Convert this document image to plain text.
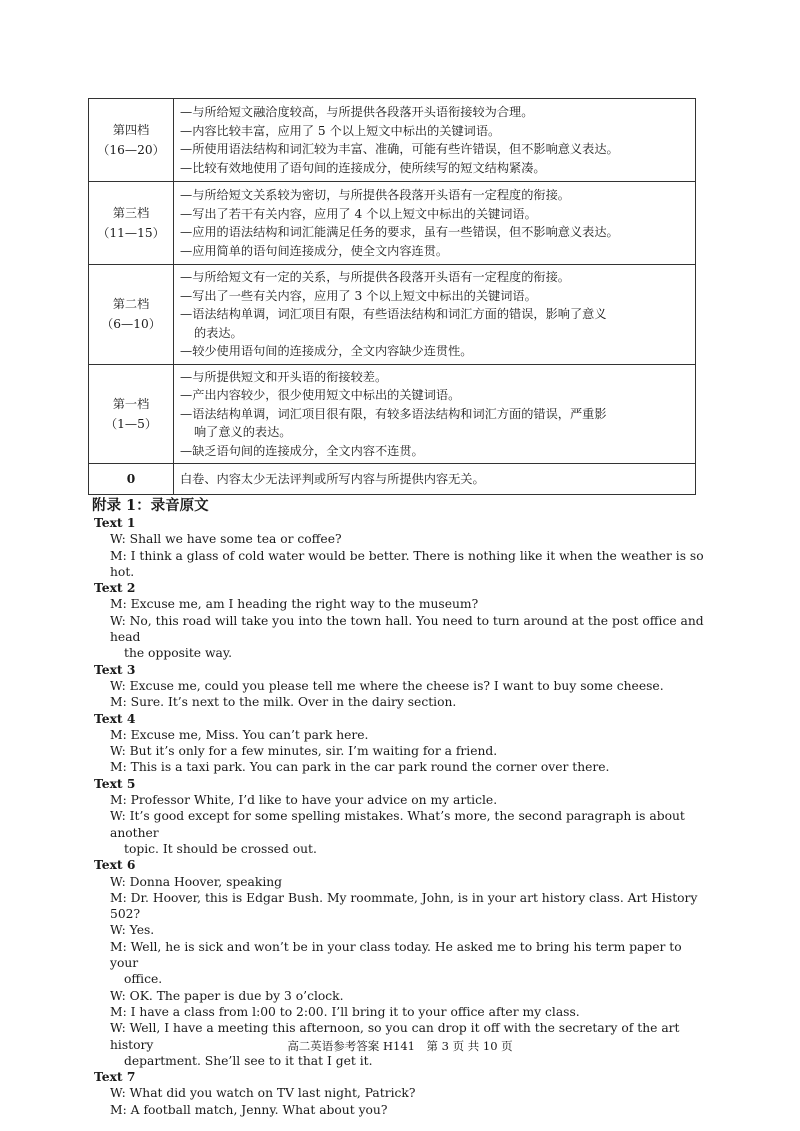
第四档
（16—20）	—与所给短文融洽度较高，与所提供各段落开头语衔接较为合理。
—内容比较丰富，应用了 5 个以上短文中标出的关键词语。
—所使用语法结构和词汇较为丰富、准确，可能有些许错误，但不影响意义表达。
—比较有效地使用了语句间的连接成分，使所续写的短文结构紧凑。

第三档
（11—15）	—与所给短文关系较为密切，与所提供各段落开头语有一定程度的衔接。
—写出了若干有关内容，应用了 4 个以上短文中标出的关键词语。
—应用的语法结构和词汇能满足任务的要求，虽有一些错误，但不影响意义表达。
—应用简单的语句间连接成分，使全文内容连贯。

第二档
（6—10）	—与所给短文有一定的关系，与所提供各段落开头语有一定程度的衔接。
—写出了一些有关内容，应用了 3 个以上短文中标出的关键词语。
—语法结构单调，词汇项目有限，有些语法结构和词汇方面的错误，影响了意义
的表达。
—较少使用语句间的连接成分，全文内容缺少连贯性。

第一档
（1—5）	—与所提供短文和开头语的衔接较差。
—产出内容较少，很少使用短文中标出的关键词语。
—语法结构单调，词汇项目很有限，有较多语法结构和词汇方面的错误，严重影
响了意义的表达。
—缺乏语句间的连接成分，全文内容不连贯。

0	白卷、内容太少无法评判或所写内容与所提供内容无关。
附录 1：录音原文
Text 1
W: Shall we have some tea or coffee?
M: I think a glass of cold water would be better. There is nothing like it when the weather is so hot.
Text 2
M: Excuse me, am I heading the right way to the museum?
W: No, this road will take you into the town hall. You need to turn around at the post office and head
the opposite way.
Text 3
W: Excuse me, could you please tell me where the cheese is? I want to buy some cheese.
M: Sure. It’s next to the milk. Over in the dairy section.
Text 4
M: Excuse me, Miss. You can’t park here.
W: But it’s only for a few minutes, sir. I’m waiting for a friend.
M: This is a taxi park. You can park in the car park round the corner over there.
Text 5
M: Professor White, I’d like to have your advice on my article.
W: It’s good except for some spelling mistakes. What’s more, the second paragraph is about another
topic. It should be crossed out.
Text 6
W: Donna Hoover, speaking
M: Dr. Hoover, this is Edgar Bush. My roommate, John, is in your art history class. Art History 502?
W: Yes.
M: Well, he is sick and won’t be in your class today. He asked me to bring his term paper to your
office.
W: OK. The paper is due by 3 o’clock.
M: I have a class from l:00 to 2:00. I’ll bring it to your office after my class.
W: Well, I have a meeting this afternoon, so you can drop it off with the secretary of the art history
department. She’ll see to it that I get it.
Text 7
W: What did you watch on TV last night, Patrick?
M: A football match, Jenny. What about you?
高二英语参考答案 H141　第 3 页 共 10 页
